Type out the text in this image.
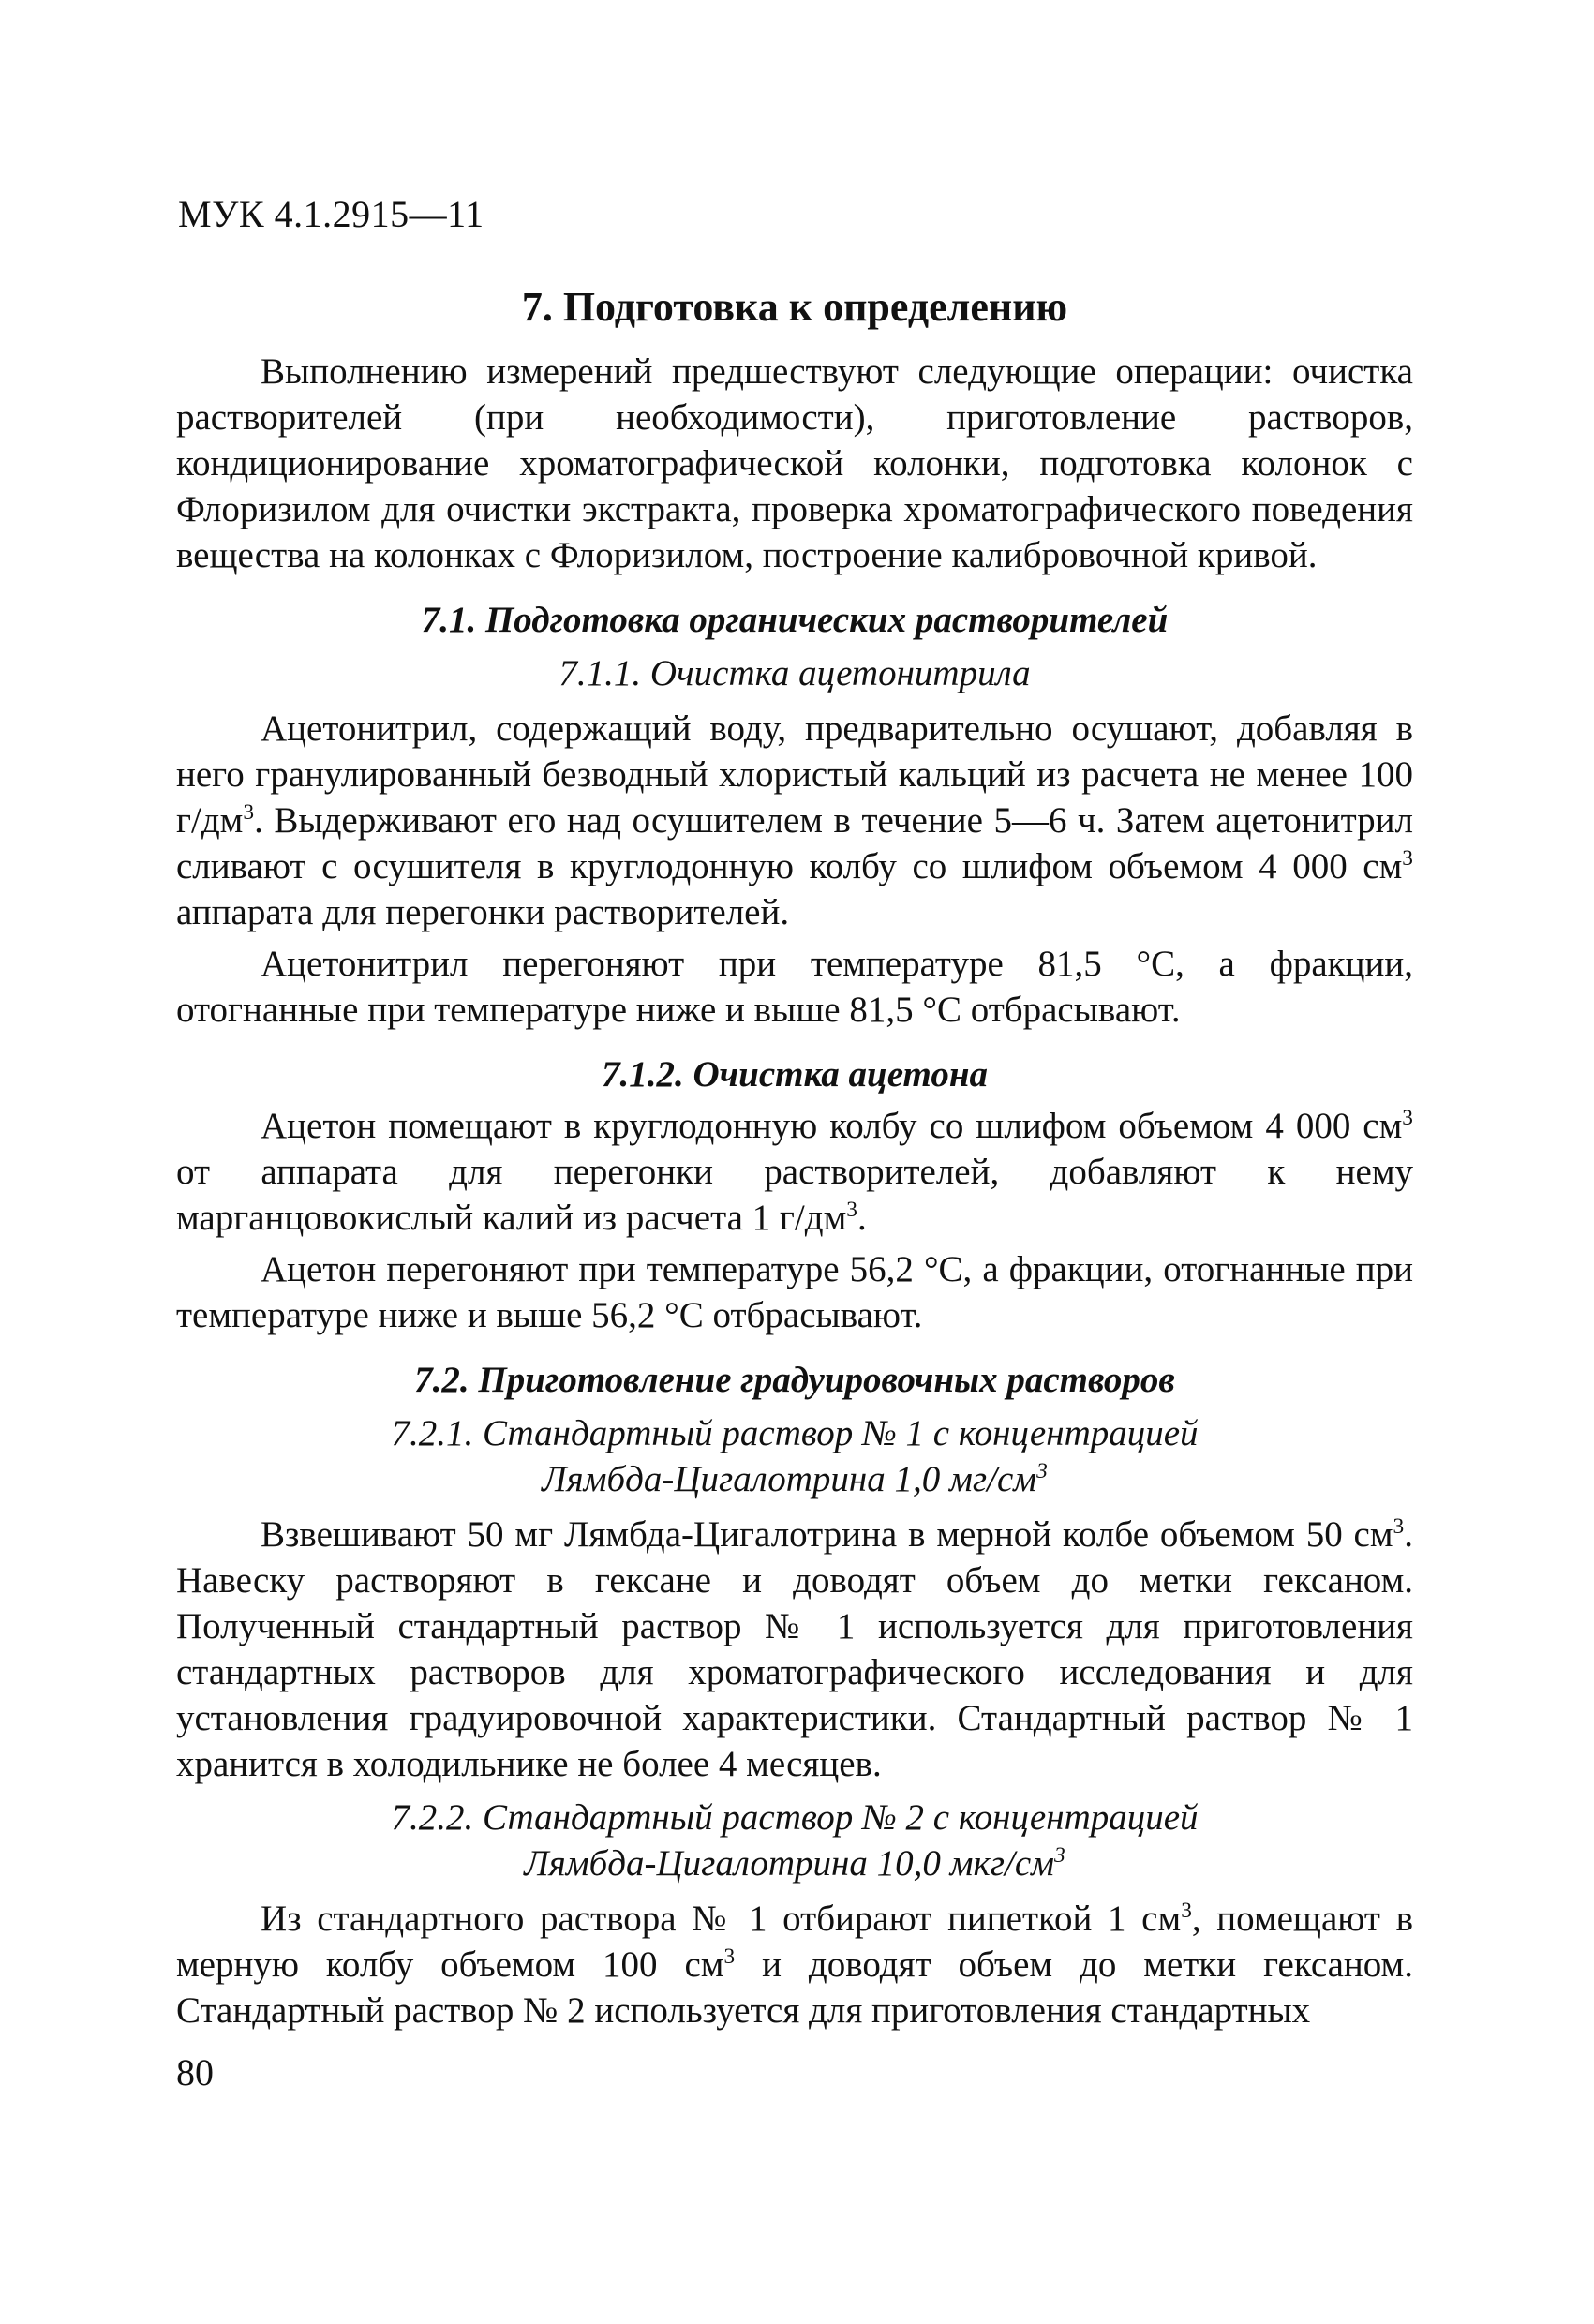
МУК 4.1.2915—11
7. Подготовка к определению

Выполнению измерений предшествуют следующие операции: очистка растворителей (при необходимости), приготовление растворов, кондиционирование хроматографической колонки, подготовка колонок с Флоризилом для очистки экстракта, проверка хроматографического поведения вещества на колонках с Флоризилом, построение калибровочной кривой.

7.1. Подготовка органических растворителей
7.1.1. Очистка ацетонитрила

Ацетонитрил, содержащий воду, предварительно осушают, добавляя в него гранулированный безводный хлористый кальций из расчета не менее 100 $г/дм^3$. Выдерживают его над осушителем в течение 5—6 ч. Затем ацетонитрил сливают с осушителя в круглодонную колбу со шлифом объемом 4 000 $см^3$ аппарата для перегонки растворителей.

Ацетонитрил перегоняют при температуре 81,5 °С, а фракции, отогнанные при температуре ниже и выше 81,5 °С отбрасывают.

7.1.2. Очистка ацетона

Ацетон помещают в круглодонную колбу со шлифом объемом 4 000 $см^3$ от аппарата для перегонки растворителей, добавляют к нему марганцовокислый калий из расчета 1 $г/дм^3$.

Ацетон перегоняют при температуре 56,2 °С, а фракции, отогнанные при температуре ниже и выше 56,2 °С отбрасывают.

7.2. Приготовление градуировочных растворов
7.2.1. Стандартный раствор № 1 с концентрацией
Лямбда-Цигалотрина 1,0 $мг/см^3$

Взвешивают 50 мг Лямбда-Цигалотрина в мерной колбе объемом 50 $см^3$. Навеску растворяют в гексане и доводят объем до метки гексаном. Полученный стандартный раствор № 1 используется для приготовления стандартных растворов для хроматографического исследования и для установления градуировочной характеристики. Стандартный раствор № 1 хранится в холодильнике не более 4 месяцев.

7.2.2. Стандартный раствор № 2 с концентрацией
Лямбда-Цигалотрина 10,0 мкг/$см^3$

Из стандартного раствора № 1 отбирают пипеткой 1 $см^3$, помещают в мерную колбу объемом 100 $см^3$ и доводят объем до метки гексаном. Стандартный раствор № 2 используется для приготовления стандартных

80
